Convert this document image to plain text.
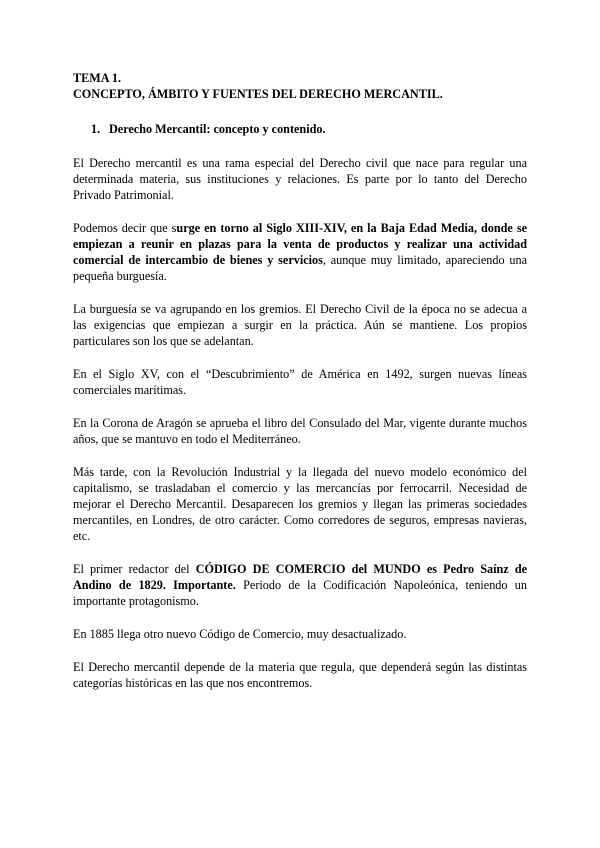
TEMA 1.
CONCEPTO, ÁMBITO Y FUENTES DEL DERECHO MERCANTIL.
1. Derecho Mercantil: concepto y contenido.

El Derecho mercantil es una rama especial del Derecho civil que nace para regular una determinada materia, sus instituciones y relaciones. Es parte por lo tanto del Derecho Privado Patrimonial.

Podemos decir que surge en torno al Siglo XIII-XIV, en la Baja Edad Media, donde se empiezan a reunir en plazas para la venta de productos y realizar una actividad comercial de intercambio de bienes y servicios, aunque muy limitado, apareciendo una pequeña burguesía.

La burguesía se va agrupando en los gremios. El Derecho Civil de la época no se adecua a las exigencias que empiezan a surgir en la práctica. Aún se mantiene. Los propios particulares son los que se adelantan.

En el Siglo XV, con el “Descubrimiento” de América en 1492, surgen nuevas líneas comerciales marítimas.

En la Corona de Aragón se aprueba el libro del Consulado del Mar, vigente durante muchos años, que se mantuvo en todo el Mediterráneo.

Más tarde, con la Revolución Industrial y la llegada del nuevo modelo económico del capitalismo, se trasladaban el comercio y las mercancías por ferrocarril. Necesidad de mejorar el Derecho Mercantil. Desaparecen los gremios y llegan las primeras sociedades mercantiles, en Londres, de otro carácter. Como corredores de seguros, empresas navieras, etc.

El primer redactor del CÓDIGO DE COMERCIO del MUNDO es Pedro Saínz de Andino de 1829. Importante. Periodo de la Codificación Napoleónica, teniendo un importante protagonismo.

En 1885 llega otro nuevo Código de Comercio, muy desactualizado.

El Derecho mercantil depende de la materia que regula, que dependerá según las distintas categorías históricas en las que nos encontremos.
